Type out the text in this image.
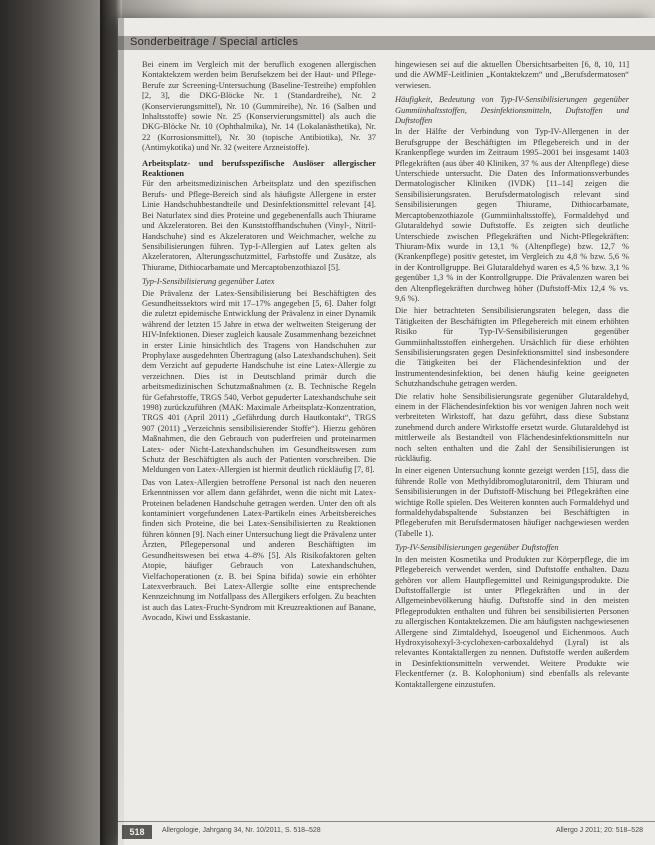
Sonderbeiträge / Special articles

Bei einem im Vergleich mit der beruflich exogenen allergischen Kontaktekzem werden beim Berufsekzem bei der Haut- und Pflege-Berufe zur Screening-Untersuchung (Baseline-Testreihe) empfohlen [2, 3], die DKG-Blöcke Nr. 1 (Standardreihe), Nr. 2 (Konservierungsmittel), Nr. 10 (Gummireihe), Nr. 16 (Salben und Inhaltsstoffe) sowie Nr. 25 (Konservierungsmittel) als auch die DKG-Blöcke Nr. 10 (Ophthalmika), Nr. 14 (Lokalanästhetika), Nr. 22 (Korrosionsmittel), Nr. 30 (topische Antibiotika), Nr. 37 (Antimykotika) und Nr. 32 (weitere Arzneistoffe).

Arbeitsplatz- und berufsspezifische Auslöser allergischer Reaktionen

Für den arbeitsmedizinischen Arbeitsplatz und den spezifischen Berufs- und Pflege-Bereich sind als häufigste Allergene in erster Linie Handschuhbestandteile und Desinfektionsmittel relevant [4]. Bei Naturlatex sind dies Proteine und gegebenenfalls auch Thiurame und Akzeleratoren. Bei den Kunststoffhandschuhen (Vinyl-, Nitril-Handschuhe) sind es Akzeleratoren und Weichmacher, welche zu Sensibilisierungen führen. Typ-I-Allergien auf Latex gelten als Akzeleratoren, Alterungsschutzmittel, Farbstoffe und Zusätze, als Thiurame, Dithiocarbamate und Mercaptobenzothiazol [5].

Typ-I-Sensibilisierung gegenüber Latex

Die Prävalenz der Latex-Sensibilisierung bei Beschäftigten des Gesundheitssektors wird mit 17–17% angegeben [5, 6]. Daher folgt die zuletzt epidemische Entwicklung der Prävalenz in einer Dynamik während der letzten 15 Jahre in etwa der weltweiten Steigerung der HIV-Infektionen. Dieser zugleich kausale Zusammenhang bezeichnet in erster Linie hinsichtlich des Tragens von Handschuhen zur Prophylaxe ausgedehnten Übertragung (also Latexhandschuhen). Seit dem Verzicht auf gepuderte Handschuhe ist eine Latex-Allergie zu verzeichnen. Dies ist in Deutschland primär durch die arbeitsmedizinischen Schutzmaßnahmen (z. B. Technische Regeln für Gefahrstoffe, TRGS 540, Verbot gepuderter Latexhandschuhe seit 1998) zurückzuführen (MAK: Maximale Arbeitsplatz-Konzentration, TRGS 401 (April 2011) „Gefährdung durch Hautkontakt“, TRGS 907 (2011) „Verzeichnis sensibilisierender Stoffe“). Hierzu gehören Maßnahmen, die den Gebrauch von puderfreien und proteinarmen Latex- oder Nicht-Latexhandschuhen im Gesundheitswesen zum Schutz der Beschäftigten als auch der Patienten vorschreiben. Die Meldungen von Latex-Allergien ist hiermit deutlich rückläufig [7, 8].

Das von Latex-Allergien betroffene Personal ist nach den neueren Erkenntnissen vor allem dann gefährdet, wenn die nicht mit Latex-Proteinen beladenen Handschuhe getragen werden. Unter den oft als kontaminiert vorgefundenen Latex-Partikeln eines Arbeitsbereiches finden sich Proteine, die bei Latex-Sensibilisierten zu Reaktionen führen können [9]. Nach einer Untersuchung liegt die Prävalenz unter Ärzten, Pflegepersonal und anderen Beschäftigten im Gesundheitswesen bei etwa 4–8% [5]. Als Risikofaktoren gelten Atopie, häufiger Gebrauch von Latexhandschuhen, Vielfachoperationen (z. B. bei Spina bifida) sowie ein erhöhter Latexverbrauch. Bei Latex-Allergie sollte eine entsprechende Kennzeichnung im Notfallpass des Allergikers erfolgen. Zu beachten ist auch das Latex-Frucht-Syndrom mit Kreuzreaktionen auf Banane, Avocado, Kiwi und Esskastanie.

hingewiesen sei auf die aktuellen Übersichtsarbeiten [6, 8, 10, 11] und die AWMF-Leitlinien „Kontaktekzem“ und „Berufsdermatosen“ verwiesen.

Häufigkeit, Bedeutung von Typ-IV-Sensibilisierungen gegenüber Gummiinhaltsstoffen, Desinfektionsmitteln, Duftstoffen und Duftstoffen

In der Hälfte der Verbindung von Typ-IV-Allergenen in der Berufsgruppe der Beschäftigten im Pflegebereich und in der Krankenpflege wurden im Zeitraum 1995–2001 bei insgesamt 1403 Pflegekräften (aus über 40 Kliniken, 37 % aus der Altenpflege) diese Unterschiede untersucht. Die Daten des Informationsverbundes Dermatologischer Kliniken (IVDK) [11–14] zeigen die Sensibilisierungsraten. Berufsdermatologisch relevant sind Sensibilisierungen gegen Thiurame, Dithiocarbamate, Mercaptobenzothiazole (Gummiinhaltsstoffe), Formaldehyd und Glutaraldehyd sowie Duftstoffe. Es zeigten sich deutliche Unterschiede zwischen Pflegekräften und Nicht-Pflegekräften: Thiuram-Mix wurde in 13,1 % (Altenpflege) bzw. 12,7 % (Krankenpflege) positiv getestet, im Vergleich zu 4,8 % bzw. 5,6 % in der Kontrollgruppe. Bei Glutaraldehyd waren es 4,5 % bzw. 3,1 % gegenüber 1,3 % in der Kontrollgruppe. Die Prävalenzen waren bei den Altenpflegekräften durchweg höher (Duftstoff-Mix 12,4 % vs. 9,6 %).

Die hier betrachteten Sensibilisierungsraten belegen, dass die Tätigkeiten der Beschäftigten im Pflegebereich mit einem erhöhten Risiko für Typ-IV-Sensibilisierungen gegenüber Gummiinhaltsstoffen einhergehen. Ursächlich für diese erhöhten Sensibilisierungsraten gegen Desinfektionsmittel sind insbesondere die Tätigkeiten bei der Flächendesinfektion und der Instrumentendesinfektion, bei denen häufig keine geeigneten Schutzhandschuhe getragen werden.

Die relativ hohe Sensibilisierungsrate gegenüber Glutaraldehyd, einem in der Flächendesinfektion bis vor wenigen Jahren noch weit verbreiteten Wirkstoff, hat dazu geführt, dass diese Substanz zunehmend durch andere Wirkstoffe ersetzt wurde. Glutaraldehyd ist mittlerweile als Bestandteil von Flächendesinfektionsmitteln nur noch selten enthalten und die Zahl der Sensibilisierungen ist rückläufig.

In einer eigenen Untersuchung konnte gezeigt werden [15], dass die führende Rolle von Methyldibromoglutaronitril, dem Thiuram und Sensibilisierungen in der Duftstoff-Mischung bei Pflegekräften eine wichtige Rolle spielen. Des Weiteren konnten auch Formaldehyd und formaldehydabspaltende Substanzen bei Beschäftigten in Pflegeberufen mit Berufsdermatosen häufiger nachgewiesen werden (Tabelle 1).

Typ-IV-Sensibilisierungen gegenüber Duftstoffen

In den meisten Kosmetika und Produkten zur Körperpflege, die im Pflegebereich verwendet werden, sind Duftstoffe enthalten. Dazu gehören vor allem Hautpflegemittel und Reinigungsprodukte. Die Duftstoffallergie ist unter Pflegekräften und in der Allgemeinbevölkerung häufig. Duftstoffe sind in den meisten Pflegeprodukten enthalten und führen bei sensibilisierten Personen zu allergischen Kontaktekzemen. Die am häufigsten nachgewiesenen Allergene sind Zimtaldehyd, Isoeugenol und Eichenmoos. Auch Hydroxyisohexyl-3-cyclohexen-carboxaldehyd (Lyral) ist als relevantes Kontaktallergen zu nennen. Duftstoffe werden außerdem in Desinfektionsmitteln verwendet. Weitere Produkte wie Fleckentferner (z. B. Kolophonium) sind ebenfalls als relevante Kontaktallergene einzustufen.

518	Allergologie, Jahrgang 34, Nr. 10/2011, S. 518–528	Allergo J 2011; 20: 518–528
